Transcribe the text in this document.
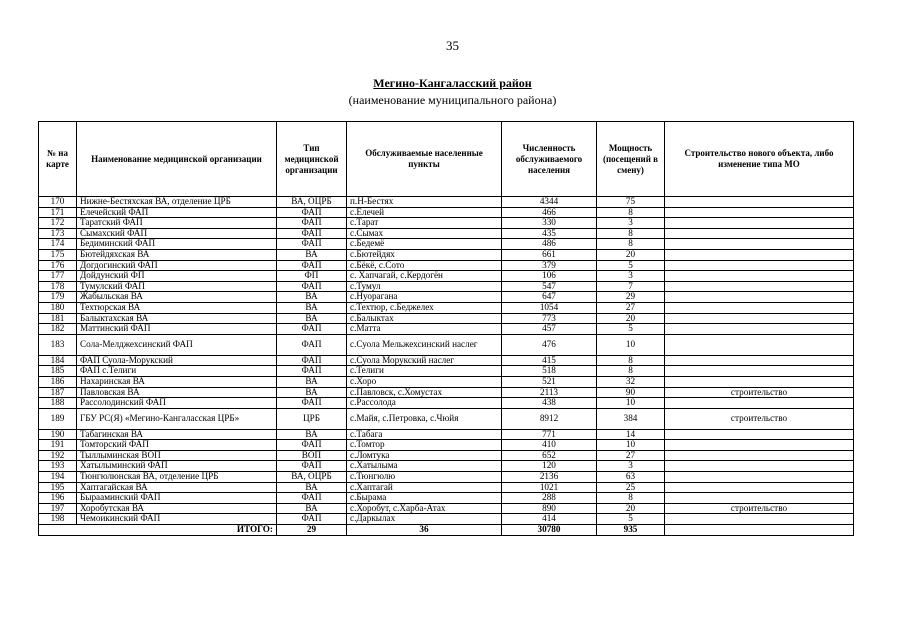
35
Мегино-Кангаласский район
(наименование муниципального района)
№ на карте	Наименование медицинской организации	Тип медицинской организации	Обслуживаемые населенные пункты	Численность обслуживаемого населения	Мощность (посещений в смену)	Строительство нового объекта, либо изменение типа МО
170	Нижне-Бестяхская ВА, отделение ЦРБ	ВА, ОЦРБ	п.Н-Бестях	4344	75	
171	Елечейский ФАП	ФАП	с.Елечей	466	8	
172	Таратский ФАП	ФАП	с.Тарат	330	3	
173	Сымахский ФАП	ФАП	с.Сымах	435	8	
174	Бедиминский ФАП	ФАП	с.Бедемё	486	8	
175	Бютейдяхская ВА	ВА	с.Бютейдях	661	20	
176	Догдогинский ФАП	ФАП	с.Бёкё, с.Сото	379	5	
177	Дойдунский ФП	ФП	с. Хапчагай, с.Кердогён	106	3	
178	Тумулский ФАП	ФАП	с.Тумул	547	7	
179	Жабыльская ВА	ВА	с.Нуорагана	647	29	
180	Техтюрская ВА	ВА	с.Техтюр, с.Беджелех	1054	27	
181	Балыктахская ВА	ВА	с.Балыктах	773	20	
182	Маттинский ФАП	ФАП	с.Матта	457	5	
183	Сола-Мелджехсинский ФАП	ФАП	с.Суола Мельжехсинский наслег	476	10	
184	ФАП Суола-Морукский	ФАП	с.Суола Морукский наслег	415	8	
185	ФАП с.Телиги	ФАП	с.Телиги	518	8	
186	Нахаринская ВА	ВА	с.Хоро	521	32	
187	Павловская ВА	ВА	с.Павловск, с.Хомустах	2113	90	строительство
188	Рассолодинский ФАП	ФАП	с.Рассолода	438	10	
189	ГБУ РС(Я) «Мегино-Кангаласская ЦРБ»	ЦРБ	с.Майя, с.Петровка, с.Чюйя	8912	384	строительство
190	Табагинская ВА	ВА	с.Табага	771	14	
191	Томторский ФАП	ФАП	с.Томтор	410	10	
192	Тыллыминская ВОП	ВОП	с.Ломтука	652	27	
193	Хатылыминский ФАП	ФАП	с.Хатылыма	120	3	
194	Тюнгюлюнская ВА, отделение ЦРБ	ВА, ОЦРБ	с.Тюнгюлю	2136	63	
195	Хаптагайская ВА	ВА	с.Хаптагай	1021	25	
196	Бырааминский ФАП	ФАП	с.Бырама	288	8	
197	Хоробутская ВА	ВА	с.Хоробут, с.Харба-Атах	890	20	строительство
198	Чемоикинский ФАП	ФАП	с.Даркылах	414	5	
ИТОГО:		29	36	30780	935	
